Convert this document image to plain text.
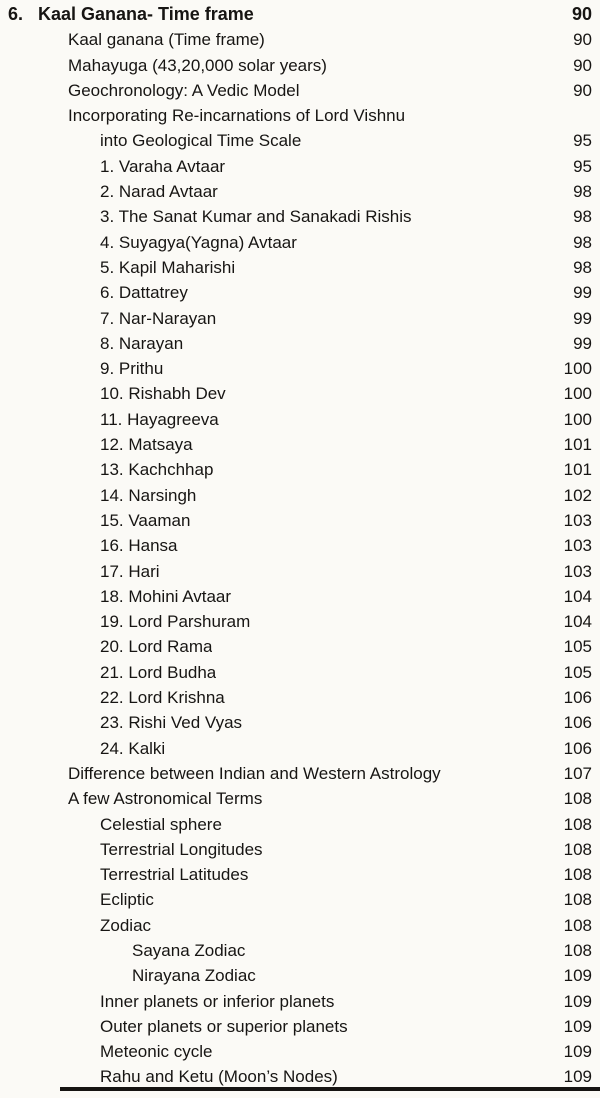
6. Kaal Ganana- Time frame	90
Kaal ganana (Time frame)	90
Mahayuga (43,20,000 solar years)	90
Geochronology: A Vedic Model	90
Incorporating Re-incarnations of Lord Vishnu
into Geological Time Scale	95
1. Varaha Avtaar	95
2. Narad Avtaar	98
3. The Sanat Kumar and Sanakadi Rishis	98
4. Suyagya(Yagna) Avtaar	98
5. Kapil Maharishi	98
6. Dattatrey	99
7. Nar-Narayan	99
8. Narayan	99
9. Prithu	100
10. Rishabh Dev	100
11. Hayagreeva	100
12. Matsaya	101
13. Kachchhap	101
14. Narsingh	102
15. Vaaman	103
16. Hansa	103
17. Hari	103
18. Mohini Avtaar	104
19. Lord Parshuram	104
20. Lord Rama	105
21. Lord Budha	105
22. Lord Krishna	106
23. Rishi Ved Vyas	106
24. Kalki	106
Difference between Indian and Western Astrology	107
A few Astronomical Terms	108
Celestial sphere	108
Terrestrial Longitudes	108
Terrestrial Latitudes	108
Ecliptic	108
Zodiac	108
Sayana Zodiac	108
Nirayana Zodiac	109
Inner planets or inferior planets	109
Outer planets or superior planets	109
Meteonic cycle	109
Rahu and Ketu (Moon’s Nodes)	109
